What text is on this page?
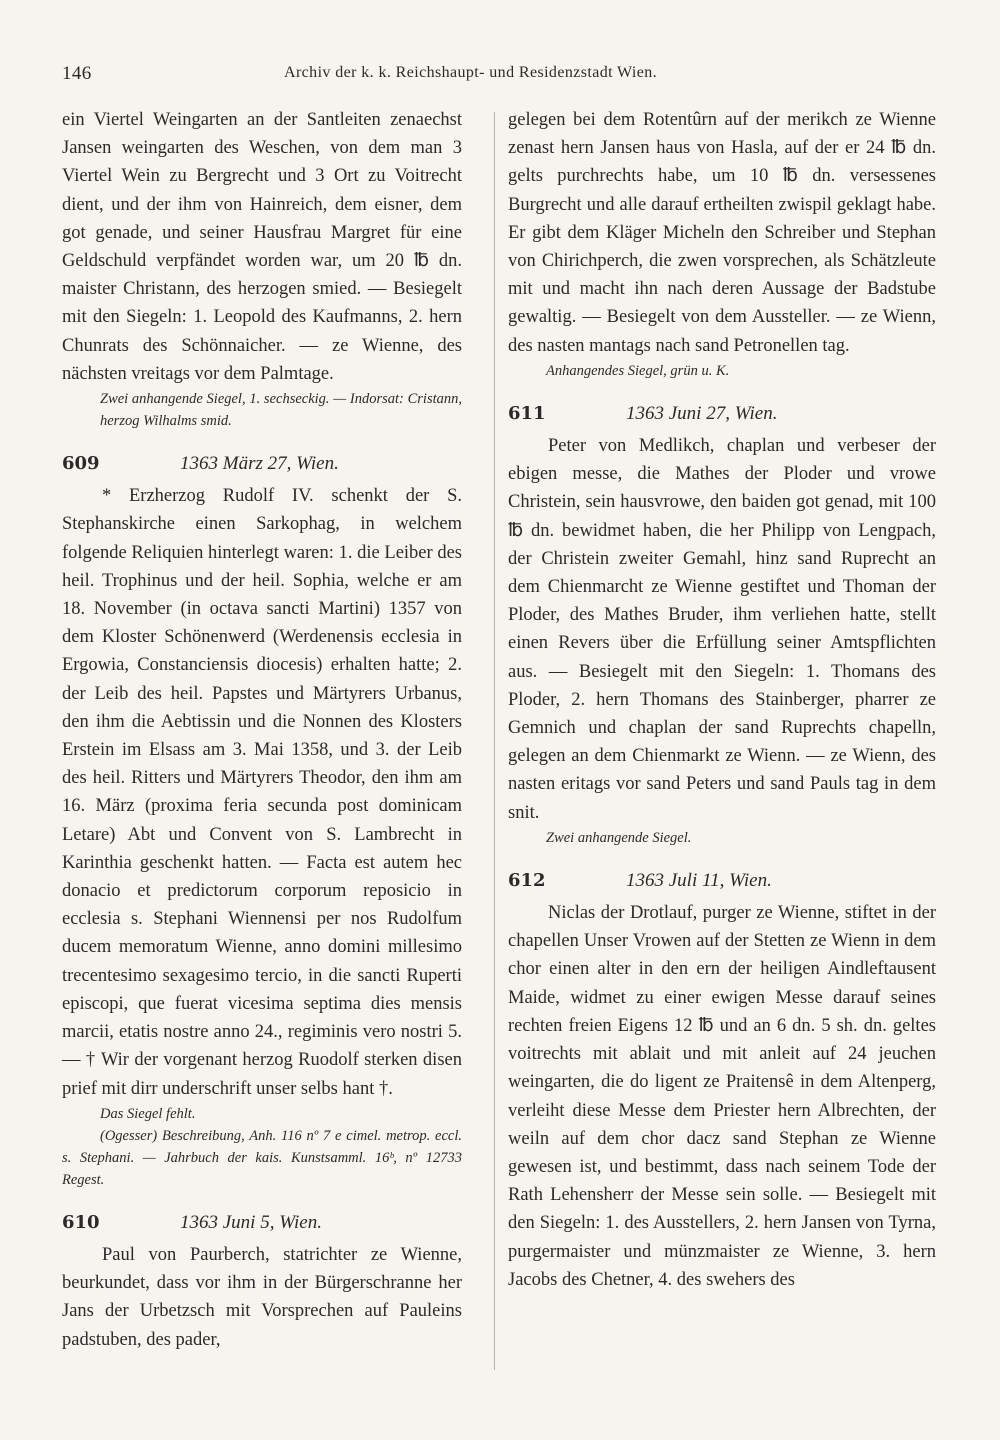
146	Archiv der k. k. Reichshaupt- und Residenzstadt Wien.

ein Viertel Weingarten an der Santleiten zenaechst Jansen weingarten des Weschen, von dem man 3 Viertel Wein zu Bergrecht und 3 Ort zu Voitrecht dient, und der ihm von Hainreich, dem eisner, dem got genade, und seiner Hausfrau Margret für eine Geldschuld verpfändet worden war, um 20 ℔ dn. maister Christann, des herzogen smied. — Besiegelt mit den Siegeln: 1. Leopold des Kaufmanns, 2. hern Chunrats des Schönnaicher. — ze Wienne, des nächsten vreitags vor dem Palmtage.

Zwei anhangende Siegel, 1. sechseckig. — Indorsat: Cristann, herzog Wilhalms smid.

609	1363 März 27, Wien.

* Erzherzog Rudolf IV. schenkt der S. Stephanskirche einen Sarkophag, in welchem folgende Reliquien hinterlegt waren: 1. die Leiber des heil. Trophinus und der heil. Sophia, welche er am 18. November (in octava sancti Martini) 1357 von dem Kloster Schönenwerd (Werdenensis ecclesia in Ergowia, Constanciensis diocesis) erhalten hatte; 2. der Leib des heil. Papstes und Märtyrers Urbanus, den ihm die Aebtissin und die Nonnen des Klosters Erstein im Elsass am 3. Mai 1358, und 3. der Leib des heil. Ritters und Märtyrers Theodor, den ihm am 16. März (proxima feria secunda post dominicam Letare) Abt und Convent von S. Lambrecht in Karinthia geschenkt hatten. — Facta est autem hec donacio et predictorum corporum reposicio in ecclesia s. Stephani Wiennensi per nos Rudolfum ducem memoratum Wienne, anno domini millesimo trecentesimo sexagesimo tercio, in die sancti Ruperti episcopi, que fuerat vicesima septima dies mensis marcii, etatis nostre anno 24., regiminis vero nostri 5. — † Wir der vorgenant herzog Ruodolf sterken disen prief mit dirr underschrift unser selbs hant †.

Das Siegel fehlt.

(Ogesser) Beschreibung, Anh. 116 nº 7 e cimel. metrop. eccl. s. Stephani. — Jahrbuch der kais. Kunstsamml. 16ᵇ, nº 12733 Regest.

610	1363 Juni 5, Wien.

Paul von Paurberch, statrichter ze Wienne, beurkundet, dass vor ihm in der Bürgerschranne her Jans der Urbetzsch mit Vorsprechen auf Pauleins padstuben, des pader,

gelegen bei dem Rotentûrn auf der merikch ze Wienne zenast hern Jansen haus von Hasla, auf der er 24 ℔ dn. gelts purchrechts habe, um 10 ℔ dn. versessenes Burgrecht und alle darauf ertheilten zwispil geklagt habe. Er gibt dem Kläger Micheln den Schreiber und Stephan von Chirichperch, die zwen vorsprechen, als Schätzleute mit und macht ihn nach deren Aussage der Badstube gewaltig. — Besiegelt von dem Aussteller. — ze Wienn, des nasten mantags nach sand Petronellen tag.

Anhangendes Siegel, grün u. K.

611	1363 Juni 27, Wien.

Peter von Medlikch, chaplan und verbeser der ebigen messe, die Mathes der Ploder und vrowe Christein, sein hausvrowe, den baiden got genad, mit 100 ℔ dn. bewidmet haben, die her Philipp von Lengpach, der Christein zweiter Gemahl, hinz sand Ruprecht an dem Chienmarcht ze Wienne gestiftet und Thoman der Ploder, des Mathes Bruder, ihm verliehen hatte, stellt einen Revers über die Erfüllung seiner Amtspflichten aus. — Besiegelt mit den Siegeln: 1. Thomans des Ploder, 2. hern Thomans des Stainberger, pharrer ze Gemnich und chaplan der sand Ruprechts chapelln, gelegen an dem Chienmarkt ze Wienn. — ze Wienn, des nasten eritags vor sand Peters und sand Pauls tag in dem snit.

Zwei anhangende Siegel.

612	1363 Juli 11, Wien.

Niclas der Drotlauf, purger ze Wienne, stiftet in der chapellen Unser Vrowen auf der Stetten ze Wienn in dem chor einen alter in den ern der heiligen Aindleftausent Maide, widmet zu einer ewigen Messe darauf seines rechten freien Eigens 12 ℔ und an 6 dn. 5 sh. dn. geltes voitrechts mit ablait und mit anleit auf 24 jeuchen weingarten, die do ligent ze Praitensê in dem Altenperg, verleiht diese Messe dem Priester hern Albrechten, der weiln auf dem chor dacz sand Stephan ze Wienne gewesen ist, und bestimmt, dass nach seinem Tode der Rath Lehensherr der Messe sein solle. — Besiegelt mit den Siegeln: 1. des Ausstellers, 2. hern Jansen von Tyrna, purgermaister und münzmaister ze Wienne, 3. hern Jacobs des Chetner, 4. des swehers des
